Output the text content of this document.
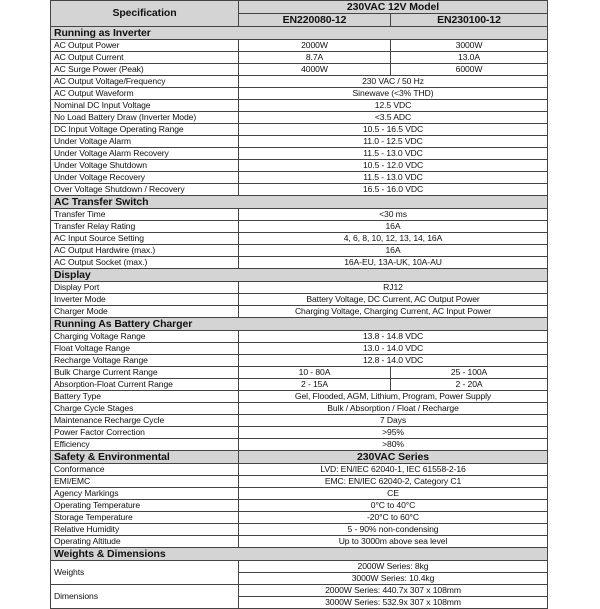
Specification	230VAC 12V Model	
	EN220080-12	EN230100-12
Running as Inverter		
AC Output Power	2000W	3000W
AC Output Current	8.7A	13.0A
AC Surge Power (Peak)	4000W	6000W
AC Output Voltage/Frequency	230 VAC / 50 Hz	
AC Output Waveform	Sinewave (<3% THD)	
Nominal DC Input Voltage	12.5 VDC	
No Load Battery Draw (Inverter Mode)	<3.5 ADC	
DC Input Voltage Operating Range	10.5 - 16.5 VDC	
Under Voltage Alarm	11.0 - 12.5 VDC	
Under Voltage Alarm Recovery	11.5 - 13.0 VDC	
Under Voltage Shutdown	10.5 - 12.0 VDC	
Under Voltage Recovery	11.5 - 13.0 VDC	
Over Voltage Shutdown / Recovery	16.5 - 16.0 VDC	
AC Transfer Switch		
Transfer Time	<30 ms	
Transfer Relay Rating	16A	
AC Input Source Setting	4, 6, 8, 10, 12, 13, 14, 16A	
AC Output Hardwire (max.)	16A	
AC Output Socket (max.)	16A-EU, 13A-UK, 10A-AU	
Display		
Display Port	RJ12	
Inverter Mode	Battery Voltage, DC Current, AC Output Power	
Charger Mode	Charging Voltage, Charging Current, AC Input Power	
Running As Battery Charger		
Charging Voltage Range	13.8 - 14.8 VDC	
Float Voltage Range	13.0 - 14.0 VDC	
Recharge Voltage Range	12.8 - 14.0 VDC	
Bulk Charge Current Range	10 - 80A	25 - 100A
Absorption-Float Current Range	2 - 15A	2 - 20A
Battery Type	Gel, Flooded, AGM, Lithium, Program, Power Supply	
Charge Cycle Stages	Bulk / Absorption / Float / Recharge	
Maintenance Recharge Cycle	7 Days	
Power Factor Correction	>95%	
Efficiency	>80%	
Safety & Environmental	230VAC Series	
Conformance	LVD: EN/IEC 62040-1, IEC 61558-2-16	
EMI/EMC	EMC: EN/IEC 62040-2, Category C1	
Agency Markings	CE	
Operating Temperature	0°C to 40°C	
Storage Temperature	-20°C to 60°C	
Relative Humidity	5 - 90% non-condensing	
Operating Altitude	Up to 3000m above sea level	
Weights & Dimensions		
Weights	2000W Series: 8kg	
	3000W Series: 10.4kg	
Dimensions	2000W Series: 440.7x 307 x 108mm	
	3000W Series: 532.9x 307 x 108mm	
